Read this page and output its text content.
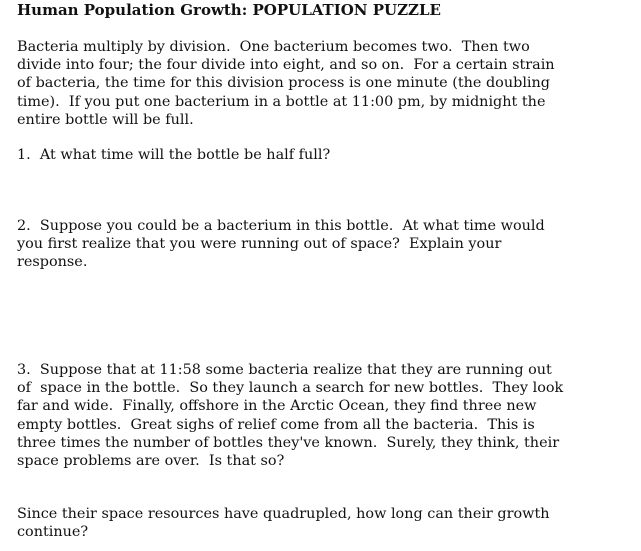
Human Population Growth: POPULATION PUZZLE
Bacteria multiply by division.  One bacterium becomes two.  Then two
divide into four; the four divide into eight, and so on.  For a certain strain
of bacteria, the time for this division process is one minute (the doubling
time).  If you put one bacterium in a bottle at 11:00 pm, by midnight the
entire bottle will be full.
1.  At what time will the bottle be half full?
2.  Suppose you could be a bacterium in this bottle.  At what time would
you first realize that you were running out of space?  Explain your
response.
3.  Suppose that at 11:58 some bacteria realize that they are running out
of  space in the bottle.  So they launch a search for new bottles.  They look
far and wide.  Finally, offshore in the Arctic Ocean, they find three new
empty bottles.  Great sighs of relief come from all the bacteria.  This is
three times the number of bottles they've known.  Surely, they think, their
space problems are over.  Is that so?
Since their space resources have quadrupled, how long can their growth
continue?
